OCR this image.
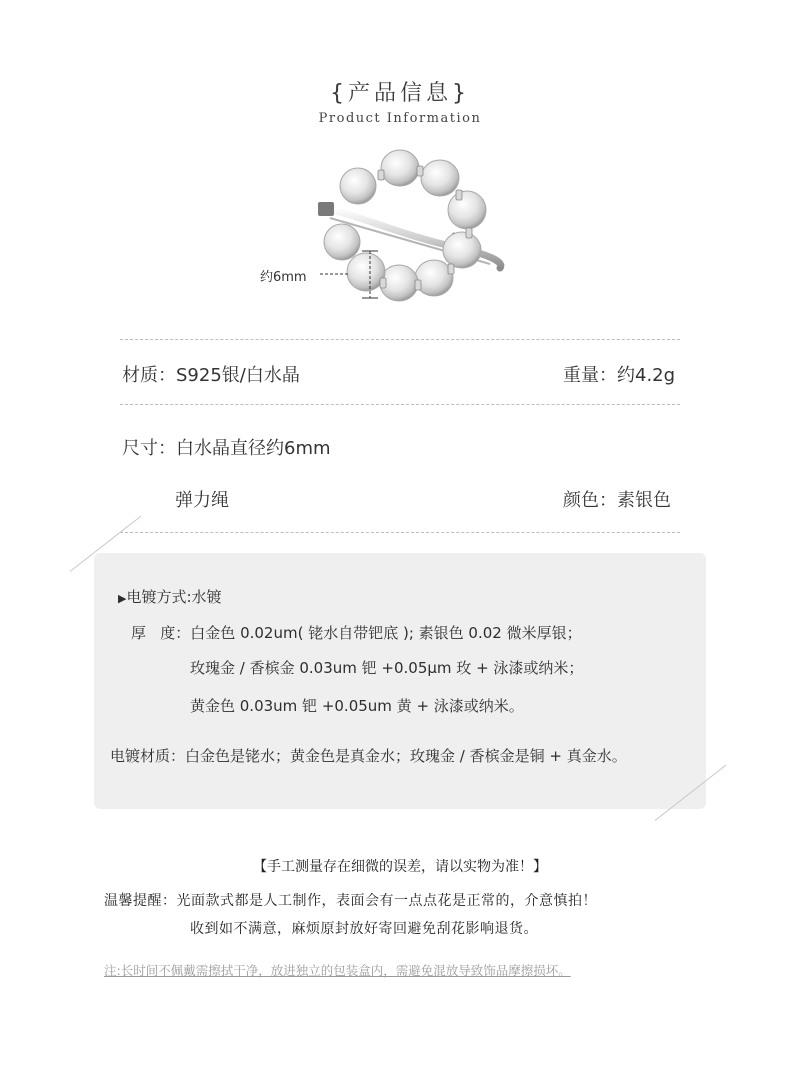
{产品信息}
Product Information
约6mm
材质：S925银/白水晶	重量：约4.2g
尺寸：白水晶直径约6mm
弹力绳	颜色：素银色
▶电镀方式:水镀
厚   度：白金色 0.02um( 铑水自带钯底 ); 素银色 0.02 微米厚银；
玫瑰金 / 香槟金 0.03um 钯 +0.05μm 玫 + 泳漆或纳米；
黄金色 0.03um 钯 +0.05um 黄 + 泳漆或纳米。
电镀材质：白金色是铑水；黄金色是真金水；玫瑰金 / 香槟金是铜 + 真金水。
【手工测量存在细微的误差，请以实物为准！】
温馨提醒：光面款式都是人工制作，表面会有一点点花是正常的，介意慎拍！
收到如不满意，麻烦原封放好寄回避免刮花影响退货。
注:长时间不佩戴需擦拭干净，放进独立的包装盒内，需避免混放导致饰品摩擦损坏。
